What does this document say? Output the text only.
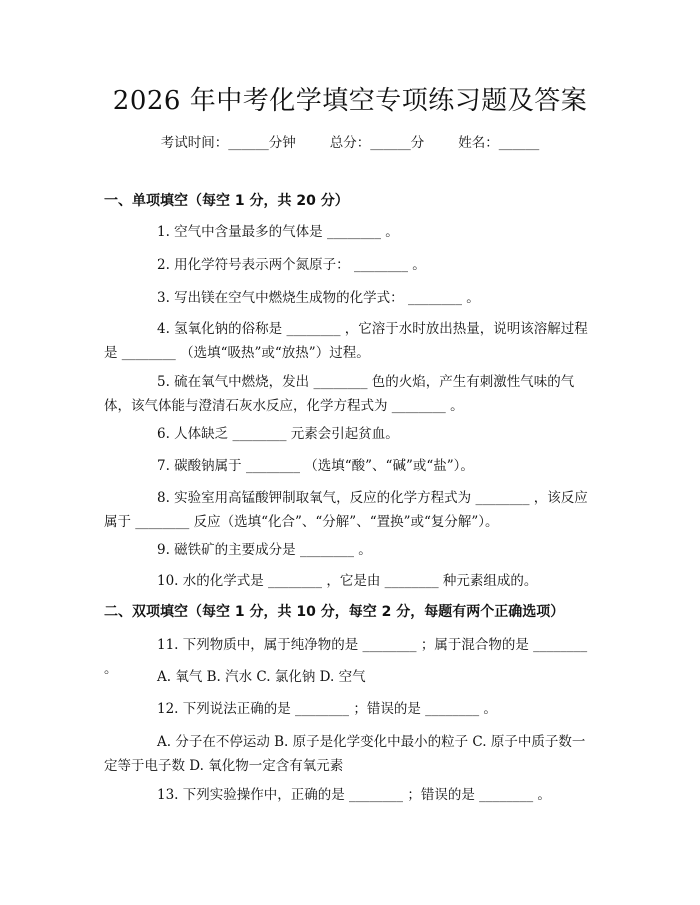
2026 年中考化学填空专项练习题及答案
考试时间：______分钟	总分：______分	姓名：______
一、单项填空（每空 1 分，共 20 分）
1. 空气中含量最多的气体是 ________ 。
2. 用化学符号表示两个氮原子： ________ 。
3. 写出镁在空气中燃烧生成物的化学式： ________ 。
4. 氢氧化钠的俗称是 ________ ，它溶于水时放出热量，说明该溶解过程是 ________ （选填“吸热”或“放热”）过程。
5. 硫在氧气中燃烧，发出 ________ 色的火焰，产生有刺激性气味的气体，该气体能与澄清石灰水反应，化学方程式为 ________ 。
6. 人体缺乏 ________ 元素会引起贫血。
7. 碳酸钠属于 ________ （选填“酸”、“碱”或“盐”）。
8. 实验室用高锰酸钾制取氧气，反应的化学方程式为 ________ ，该反应属于 ________ 反应（选填“化合”、“分解”、“置换”或“复分解”）。
9. 磁铁矿的主要成分是 ________ 。
10. 水的化学式是 ________ ，它是由 ________ 种元素组成的。
二、双项填空（每空 1 分，共 10 分，每空 2 分，每题有两个正确选项）
11. 下列物质中，属于纯净物的是 ________ ；属于混合物的是 ________ 。	A. 氧气 B. 汽水 C. 氯化钠 D. 空气
12. 下列说法正确的是 ________ ；错误的是 ________ 。
A. 分子在不停运动 B. 原子是化学变化中最小的粒子 C. 原子中质子数一定等于电子数 D. 氧化物一定含有氧元素
13. 下列实验操作中，正确的是 ________ ；错误的是 ________ 。
